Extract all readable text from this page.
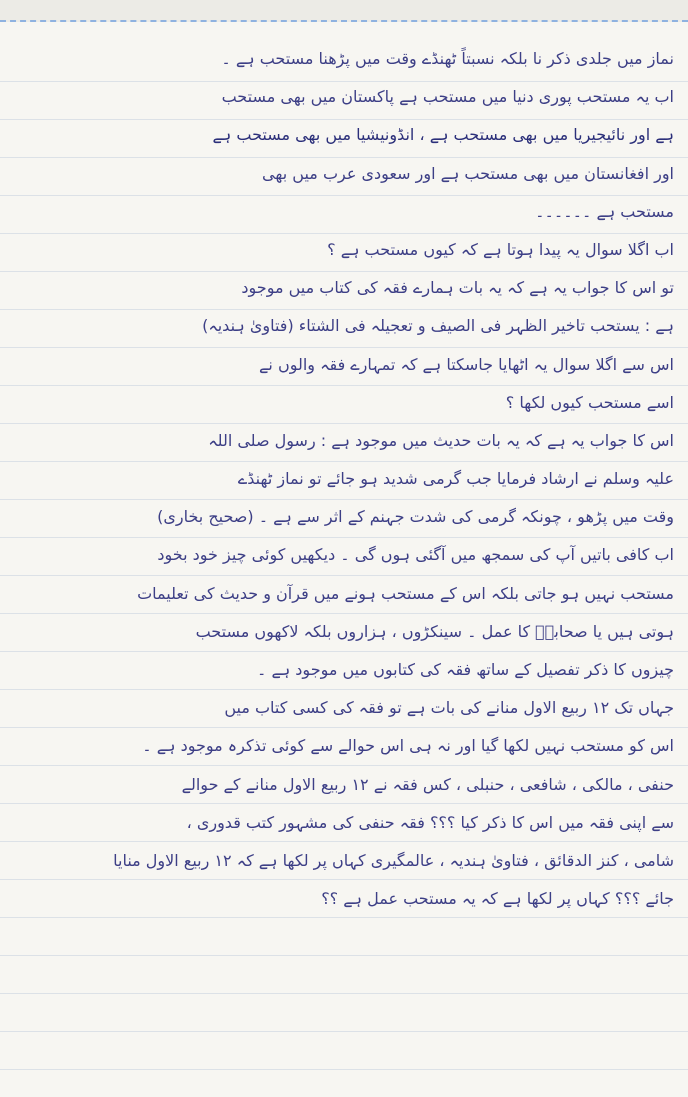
نماز میں جلدی ذکر نا بلکہ نسبتاً ٹھنڈے وقت میں پڑھنا مستحب ہے ۔
اب یہ مستحب پوری دنیا میں مستحب ہے پاکستان میں بھی مستحب
ہے اور نائیجیریا میں بھی مستحب ہے ، انڈونیشیا میں بھی مستحب ہے
اور افغانستان میں بھی مستحب ہے اور سعودی عرب میں بھی
مستحب ہے ۔۔۔۔۔۔
اب اگلا سوال یہ پیدا ہوتا ہے کہ کیوں مستحب ہے ؟
تو اس کا جواب یہ ہے کہ یہ بات ہمارے فقہ کی کتاب میں موجود
ہے : یستحب تاخیر الظہر فی الصیف و تعجیلہ فی الشتاء (فتاویٰ ہندیہ)
اس سے اگلا سوال یہ اٹھایا جاسکتا ہے کہ تمہارے فقہ والوں نے
اسے مستحب کیوں لکھا ؟
اس کا جواب یہ ہے کہ یہ بات حدیث میں موجود ہے : رسول صلی اللہ
علیہ وسلم نے ارشاد فرمایا جب گرمی شدید ہو جائے تو نماز ٹھنڈے
وقت میں پڑھو ، چونکہ گرمی کی شدت جہنم کے اثر سے ہے ۔ (صحیح بخاری)
اب کافی باتیں آپ کی سمجھ میں آگئی ہوں گی ۔ دیکھیں کوئی چیز خود بخود
مستحب نہیں ہو جاتی بلکہ اس کے مستحب ہونے میں قرآن و حدیث کی تعلیمات
ہوتی ہیں یا صحابہؓ کا عمل ۔ سینکڑوں ، ہزاروں بلکہ لاکھوں مستحب
چیزوں کا ذکر تفصیل کے ساتھ فقہ کی کتابوں میں موجود ہے ۔
جہاں تک ۱۲ ربیع الاول منانے کی بات ہے تو فقہ کی کسی کتاب میں
اس کو مستحب نہیں لکھا گیا اور نہ ہی اس حوالے سے کوئی تذکرہ موجود ہے ۔
حنفی ، مالکی ، شافعی ، حنبلی ، کس فقہ نے ۱۲ ربیع الاول منانے کے حوالے
سے اپنی فقہ میں اس کا ذکر کیا ؟؟؟ فقہ حنفی کی مشہور کتب قدوری ،
شامی ، کنز الدقائق ، فتاویٰ ہندیہ ، عالمگیری کہاں پر لکھا ہے کہ ۱۲ ربیع الاول منایا
جائے ؟؟؟ کہاں پر لکھا ہے کہ یہ مستحب عمل ہے ؟؟
